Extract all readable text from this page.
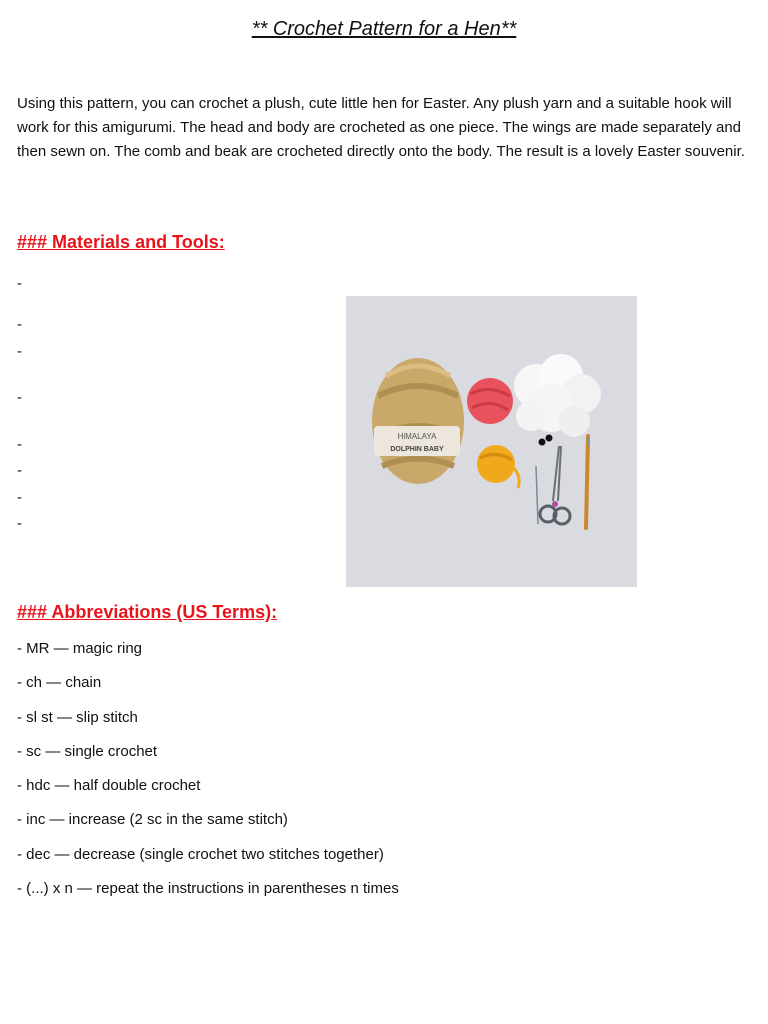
** Crochet Pattern for a Hen**

Using this pattern, you can crochet a plush, cute little hen for Easter. Any plush yarn and a suitable hook will work for this amigurumi. The head and body are crocheted as one piece. The wings are made separately and then sewn on. The comb and beak are crocheted directly onto the body. The result is a lovely Easter souvenir.

### Materials and Tools:
-
-
-
-
-
-
-
-
HiMALAYA
DOLPHIN BABY
### Abbreviations (US Terms):
- MR — magic ring
- ch — chain
- sl st — slip stitch
- sc — single crochet
- hdc — half double crochet
- inc — increase (2 sc in the same stitch)
- dec — decrease (single crochet two stitches together)
- (...) x n — repeat the instructions in parentheses n times
